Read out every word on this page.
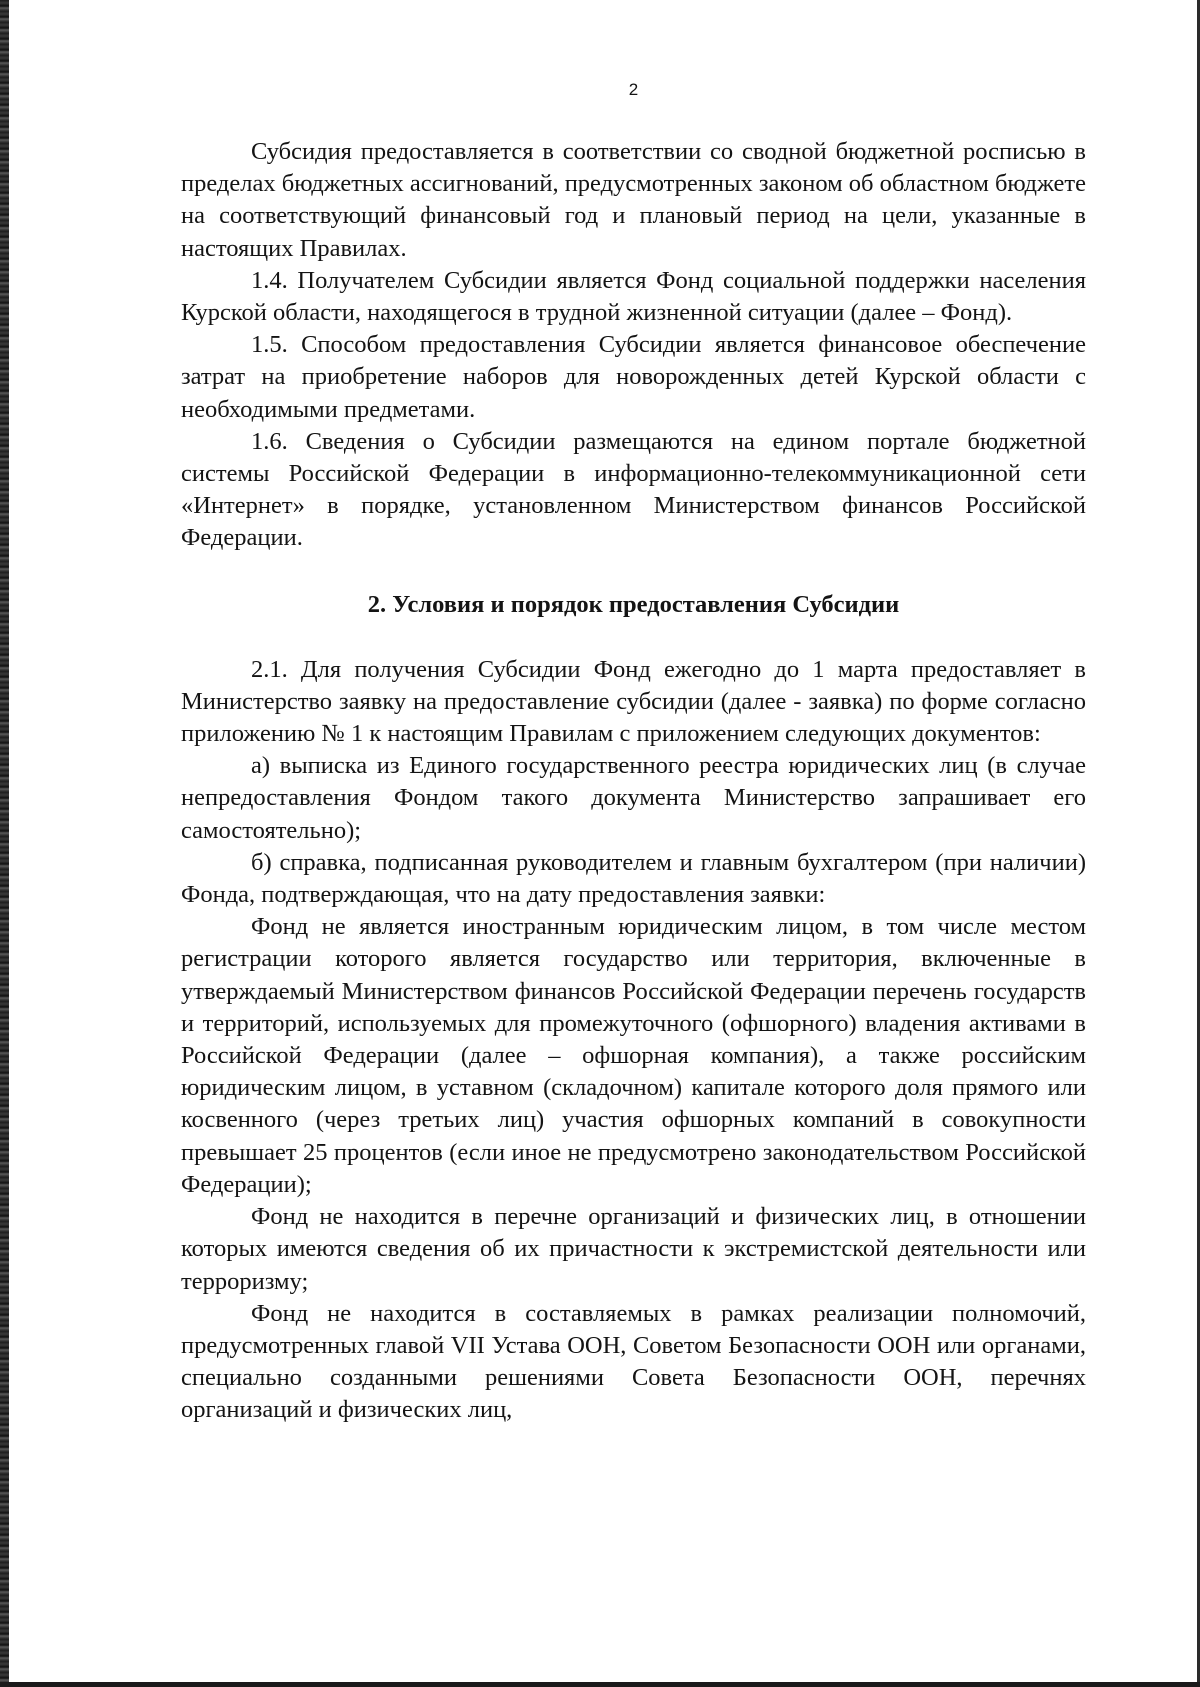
2

Субсидия предоставляется в соответствии со сводной бюджетной росписью в пределах бюджетных ассигнований, предусмотренных законом об областном бюджете на соответствующий финансовый год и плановый период на цели, указанные в настоящих Правилах.

1.4. Получателем Субсидии является Фонд социальной поддержки населения Курской области, находящегося в трудной жизненной ситуации (далее – Фонд).

1.5. Способом предоставления Субсидии является финансовое обеспечение затрат на приобретение наборов для новорожденных детей Курской области с необходимыми предметами.

1.6. Сведения о Субсидии размещаются на едином портале бюджетной системы Российской Федерации в информационно-телекоммуникационной сети «Интернет» в порядке, установленном Министерством финансов Российской Федерации.

2. Условия и порядок предоставления Субсидии

2.1. Для получения Субсидии Фонд ежегодно до 1 марта предоставляет в Министерство заявку на предоставление субсидии (далее - заявка) по форме согласно приложению № 1 к настоящим Правилам с приложением следующих документов:

а) выписка из Единого государственного реестра юридических лиц (в случае непредоставления Фондом такого документа Министерство запрашивает его самостоятельно);

б) справка, подписанная руководителем и главным бухгалтером (при наличии) Фонда, подтверждающая, что на дату предоставления заявки:

Фонд не является иностранным юридическим лицом, в том числе местом регистрации которого является государство или территория, включенные в утверждаемый Министерством финансов Российской Федерации перечень государств и территорий, используемых для промежуточного (офшорного) владения активами в Российской Федерации (далее – офшорная компания), а также российским юридическим лицом, в уставном (складочном) капитале которого доля прямого или косвенного (через третьих лиц) участия офшорных компаний в совокупности превышает 25 процентов (если иное не предусмотрено законодательством Российской Федерации);

Фонд не находится в перечне организаций и физических лиц, в отношении которых имеются сведения об их причастности к экстремистской деятельности или терроризму;

Фонд не находится в составляемых в рамках реализации полномочий, предусмотренных главой VII Устава ООН, Советом Безопасности ООН или органами, специально созданными решениями Совета Безопасности ООН, перечнях организаций и физических лиц,
